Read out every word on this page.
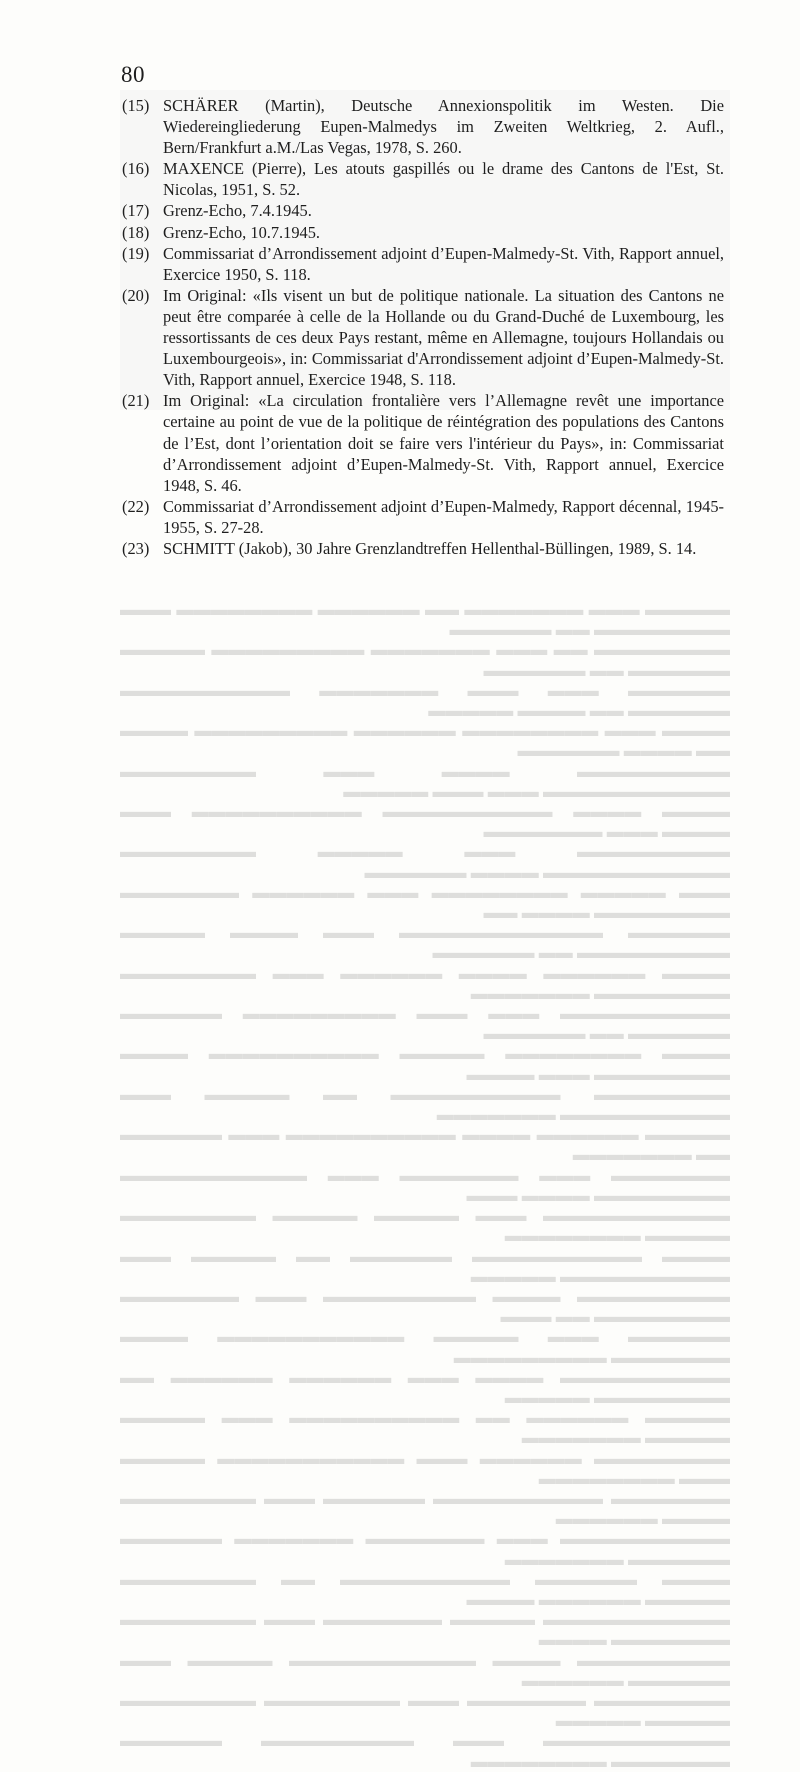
▬▬▬▬▬ ▬▬▬ ▬▬▬▬▬▬▬ ▬▬ ▬▬▬▬▬▬ ▬▬▬▬▬▬▬▬ ▬▬▬ ▬▬▬▬▬▬▬▬ ▬▬ ▬▬▬▬▬▬

▬▬▬▬▬▬▬▬ ▬▬ ▬▬▬ ▬▬▬▬▬▬▬ ▬▬▬▬▬▬▬▬▬ ▬▬▬▬▬ ▬▬▬▬▬▬ ▬▬ ▬▬▬▬▬▬

▬▬▬▬▬▬ ▬▬▬ ▬▬▬ ▬▬▬▬▬▬▬ ▬▬▬▬▬▬▬▬▬▬ ▬▬▬▬▬▬ ▬▬ ▬▬▬▬ ▬▬▬▬▬

▬▬▬▬ ▬▬▬ ▬▬▬▬▬▬▬▬ ▬▬▬▬▬▬ ▬▬▬▬▬▬▬▬▬ ▬▬▬▬ ▬▬ ▬▬▬▬ ▬▬▬▬▬▬

▬▬▬▬▬▬▬▬▬ ▬▬▬▬ ▬▬▬ ▬▬▬▬▬▬▬▬ ▬▬▬▬▬▬▬▬▬▬▬ ▬▬▬ ▬▬▬ ▬▬▬▬▬

▬▬▬▬ ▬▬▬▬ ▬▬▬▬▬▬▬▬▬▬ ▬▬▬▬▬▬▬▬▬▬ ▬▬▬ ▬▬▬▬ ▬▬▬ ▬▬▬▬▬▬▬

▬▬▬▬▬▬▬▬▬ ▬▬▬ ▬▬▬▬▬ ▬▬▬▬▬▬▬▬ ▬▬▬▬▬▬▬▬▬▬▬ ▬▬▬▬ ▬▬▬▬▬▬

▬▬▬ ▬▬▬▬▬ ▬▬▬▬▬▬▬▬ ▬▬▬ ▬▬▬▬▬▬ ▬▬▬▬▬▬▬ ▬▬▬▬▬▬▬▬ ▬▬▬▬ ▬▬

▬▬▬▬▬▬ ▬▬▬▬▬▬▬▬▬▬▬▬ ▬▬▬ ▬▬▬▬ ▬▬▬▬▬ ▬▬▬▬▬▬▬▬▬ ▬▬ ▬▬▬▬▬▬

▬▬▬▬ ▬▬▬▬▬▬ ▬▬▬▬ ▬▬▬▬▬▬ ▬▬▬ ▬▬▬▬▬▬▬▬ ▬▬▬▬▬▬▬▬ ▬▬▬▬▬▬▬

▬▬▬▬▬▬▬▬▬▬ ▬▬▬ ▬▬▬ ▬▬▬▬▬▬▬▬▬ ▬▬▬▬▬▬ ▬▬▬▬▬▬ ▬▬ ▬▬▬▬▬▬

▬▬▬▬ ▬▬▬▬▬▬▬▬ ▬▬▬▬▬ ▬▬▬▬▬▬▬▬▬▬ ▬▬▬▬ ▬▬▬▬▬▬▬▬ ▬▬▬ ▬▬▬▬

▬▬▬▬▬▬▬▬ ▬▬▬▬▬▬▬▬▬▬ ▬▬ ▬▬▬▬▬ ▬▬▬ ▬▬▬▬▬▬▬▬▬▬ ▬▬▬▬▬▬▬

▬▬▬▬▬ ▬▬▬▬▬▬ ▬▬▬▬ ▬▬▬▬▬▬▬▬▬▬ ▬▬▬ ▬▬▬▬▬▬ ▬▬ ▬▬▬▬▬▬▬

▬▬▬▬▬▬▬ ▬▬▬ ▬▬▬▬▬▬▬ ▬▬▬ ▬▬▬▬▬▬▬▬▬▬▬ ▬▬▬▬▬▬▬▬ ▬▬▬▬ ▬▬▬

▬▬▬▬▬▬▬▬▬▬▬ ▬▬▬ ▬▬▬▬▬ ▬▬▬▬▬ ▬▬▬▬▬▬▬▬ ▬▬▬▬▬ ▬▬▬▬▬▬▬▬

▬▬▬▬ ▬▬▬▬▬▬▬▬▬▬ ▬▬▬▬▬▬ ▬▬ ▬▬▬▬▬ ▬▬▬ ▬▬▬▬▬▬▬▬▬▬ ▬▬▬▬▬

▬▬▬▬▬▬▬▬▬ ▬▬▬▬ ▬▬▬▬▬▬▬▬▬ ▬▬▬ ▬▬▬▬▬▬▬ ▬▬▬▬▬▬▬▬ ▬▬ ▬▬▬

▬▬▬▬▬▬ ▬▬▬ ▬▬▬▬▬ ▬▬▬▬▬▬▬▬▬▬▬ ▬▬▬▬ ▬▬▬▬▬▬▬ ▬▬▬▬▬▬▬▬▬

▬▬▬▬▬▬▬▬▬▬ ▬▬▬▬ ▬▬▬ ▬▬▬▬▬▬ ▬▬▬▬▬▬ ▬▬ ▬▬▬▬▬▬▬▬ ▬▬▬▬▬

▬▬▬▬▬ ▬▬▬▬▬▬ ▬▬ ▬▬▬▬▬▬▬▬▬▬ ▬▬▬ ▬▬▬▬▬ ▬▬▬▬▬ ▬▬▬▬▬▬▬

▬▬▬▬▬▬▬▬ ▬▬▬▬▬▬ ▬▬▬ ▬▬▬▬▬▬▬▬▬▬▬ ▬▬▬▬▬ ▬▬▬ ▬▬▬▬▬▬▬▬

▬▬▬▬▬▬▬ ▬▬▬▬▬▬▬▬▬▬ ▬▬▬▬▬▬ ▬▬▬ ▬▬▬▬▬▬▬▬ ▬▬▬▬ ▬▬▬▬▬▬

▬▬▬▬▬▬▬▬▬▬ ▬▬▬ ▬▬▬▬▬▬▬ ▬▬▬▬▬▬▬ ▬▬▬▬▬▬ ▬▬▬▬▬▬ ▬▬▬▬▬▬▬

▬▬▬▬ ▬▬▬▬▬▬ ▬▬▬▬▬▬▬▬▬▬ ▬▬ ▬▬▬▬▬▬▬▬ ▬▬▬▬▬ ▬▬▬▬▬▬ ▬▬▬▬

▬▬▬▬▬▬▬▬▬▬▬ ▬▬▬▬▬ ▬▬▬▬▬▬▬ ▬▬▬ ▬▬▬▬▬▬▬▬ ▬▬▬▬▬▬▬ ▬▬▬▬

▬▬▬▬▬▬▬▬▬ ▬▬▬▬ ▬▬▬▬▬▬▬▬▬▬▬ ▬▬▬▬▬ ▬▬▬ ▬▬▬▬▬▬ ▬▬▬▬▬▬

▬▬▬▬▬▬▬▬ ▬▬▬▬▬▬▬ ▬▬▬ ▬▬▬▬▬▬▬▬ ▬▬▬▬▬▬▬▬ ▬▬▬▬▬ ▬▬▬▬▬

▬▬▬▬▬▬▬▬▬▬▬ ▬▬▬ ▬▬▬▬▬▬▬▬▬ ▬▬▬▬▬▬ ▬▬▬▬▬▬▬ ▬▬▬▬▬▬▬▬

80
(15) SCHÄRER (Martin), Deutsche Annexionspolitik im Westen. Die Wiedereingliederung Eupen-Malmedys im Zweiten Weltkrieg, 2. Aufl., Bern/Frankfurt a.M./Las Vegas, 1978, S. 260.
(16) MAXENCE (Pierre), Les atouts gaspillés ou le drame des Cantons de l'Est, St. Nicolas, 1951, S. 52.
(17) Grenz-Echo, 7.4.1945.
(18) Grenz-Echo, 10.7.1945.
(19) Commissariat d’Arrondissement adjoint d’Eupen-Malmedy-St. Vith, Rapport annuel, Exercice 1950, S. 118.
(20) Im Original: «Ils visent un but de politique nationale. La situation des Cantons ne peut être comparée à celle de la Hollande ou du Grand-Duché de Luxembourg, les ressortissants de ces deux Pays restant, même en Allemagne, toujours Hollandais ou Luxembourgeois», in: Commissariat d'Arrondissement adjoint d’Eupen-Malmedy-St. Vith, Rapport annuel, Exercice 1948, S. 118.
(21) Im Original: «La circulation frontalière vers l’Allemagne revêt une importance certaine au point de vue de la politique de réintégration des populations des Cantons de l’Est, dont l’orientation doit se faire vers l'intérieur du Pays», in: Commissariat d’Arrondissement adjoint d’Eupen-Malmedy-St. Vith, Rapport annuel, Exercice 1948, S. 46.
(22) Commissariat d’Arrondissement adjoint d’Eupen-Malmedy, Rapport décennal, 1945- 1955, S. 27-28.
(23) SCHMITT (Jakob), 30 Jahre Grenzlandtreffen Hellenthal-Büllingen, 1989, S. 14.
